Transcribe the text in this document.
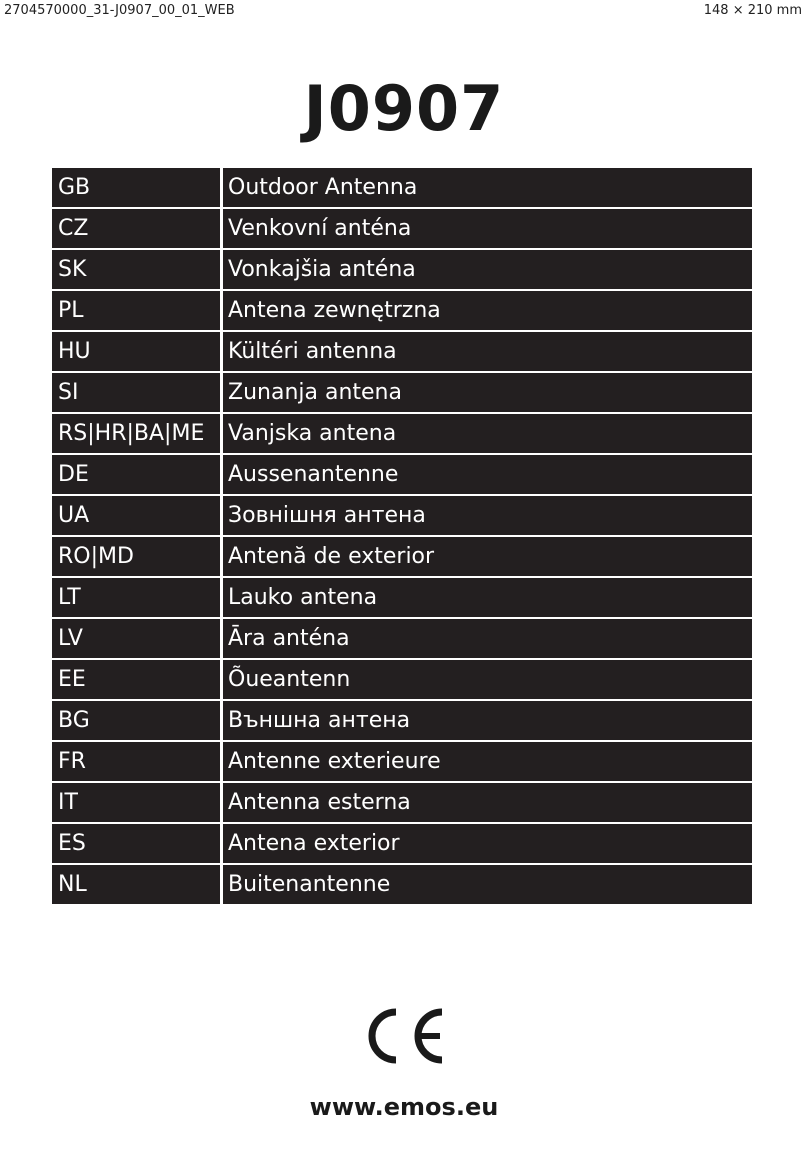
2704570000_31-J0907_00_01_WEB	148 × 210 mm
J0907
GB	Outdoor Antenna
CZ	Venkovní anténa
SK	Vonkajšia anténa
PL	Antena zewnętrzna
HU	Kültéri antenna
SI	Zunanja antena
RS|HR|BA|ME	Vanjska antena
DE	Aussenantenne
UA	Зовнішня антена
RO|MD	Antenă de exterior
LT	Lauko antena
LV	Āra anténa
EE	Õueantenn
BG	Външна антена
FR	Antenne exterieure
IT	Antenna esterna
ES	Antena exterior
NL	Buitenantenne
www.emos.eu
